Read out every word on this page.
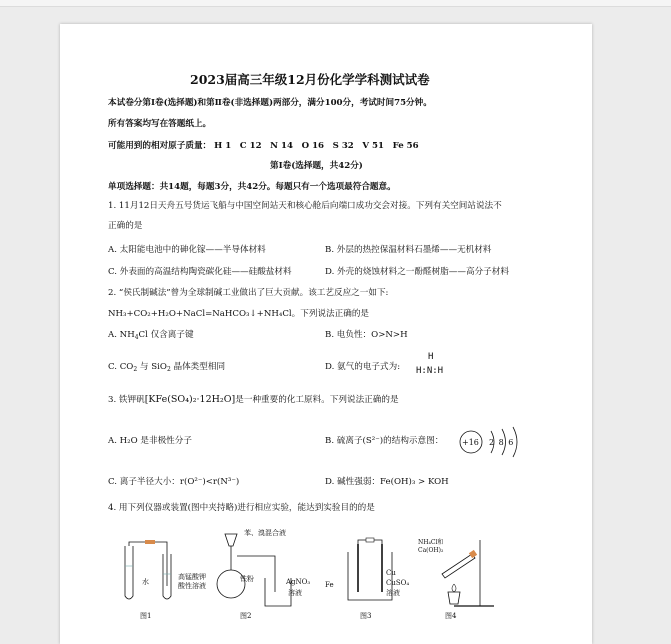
2023届高三年级12月份化学学科测试试卷
本试卷分第Ⅰ卷(选择题)和第Ⅱ卷(非选择题)两部分，满分100分，考试时间75分钟。
所有答案均写在答题纸上。
可能用到的相对原子质量： H 1　C 12　N 14　O 16　S 32　V 51　Fe 56
第Ⅰ卷(选择题，共42分)
单项选择题：共14题，每题3分，共42分。每题只有一个选项最符合题意。
1. 11月12日天舟五号货运飞船与中国空间站天和核心舱后向端口成功交会对接。下列有关空间站说法不
正确的是
A. 太阳能电池中的砷化镓——半导体材料	B. 外层的热控保温材料石墨烯——无机材料
C. 外表面的高温结构陶瓷碳化硅——硅酸盐材料	D. 外壳的烧蚀材料之一酚醛树脂——高分子材料
2. “侯氏制碱法”曾为全球制碱工业做出了巨大贡献。该工艺反应之一如下:
NH₃+CO₂+H₂O+NaCl=NaHCO₃↓+NH₄Cl。下列说法正确的是
A. $NH_4Cl$ 仅含离子键	B. 电负性：O>N>H
C. $CO_2$ 与 SiO$_2$ 晶体类型相同	D. 氨气的电子式为:
H
H:N:H
3. 铁钾矾[KFe(SO₄)₂·12H₂O]是一种重要的化工原料。下列说法正确的是
A. H₂O 是非极性分子	B. 硫离子(S²⁻)的结构示意图： +16 2 8 6
C. 离子半径大小：r(O²⁻)<r(N³⁻)	D. 碱性强弱：Fe(OH)₃ > KOH
4. 用下列仪器或装置(图中夹持略)进行相应实验，能达到实验目的的是
水
高锰酸钾
酸性溶液
图1
苯、溴混合液
铁粉	AgNO₃
溶液
图2
Fe
Cu
CuSO₄
溶液
图3
NH₄Cl和
Ca(OH)₂
图4
